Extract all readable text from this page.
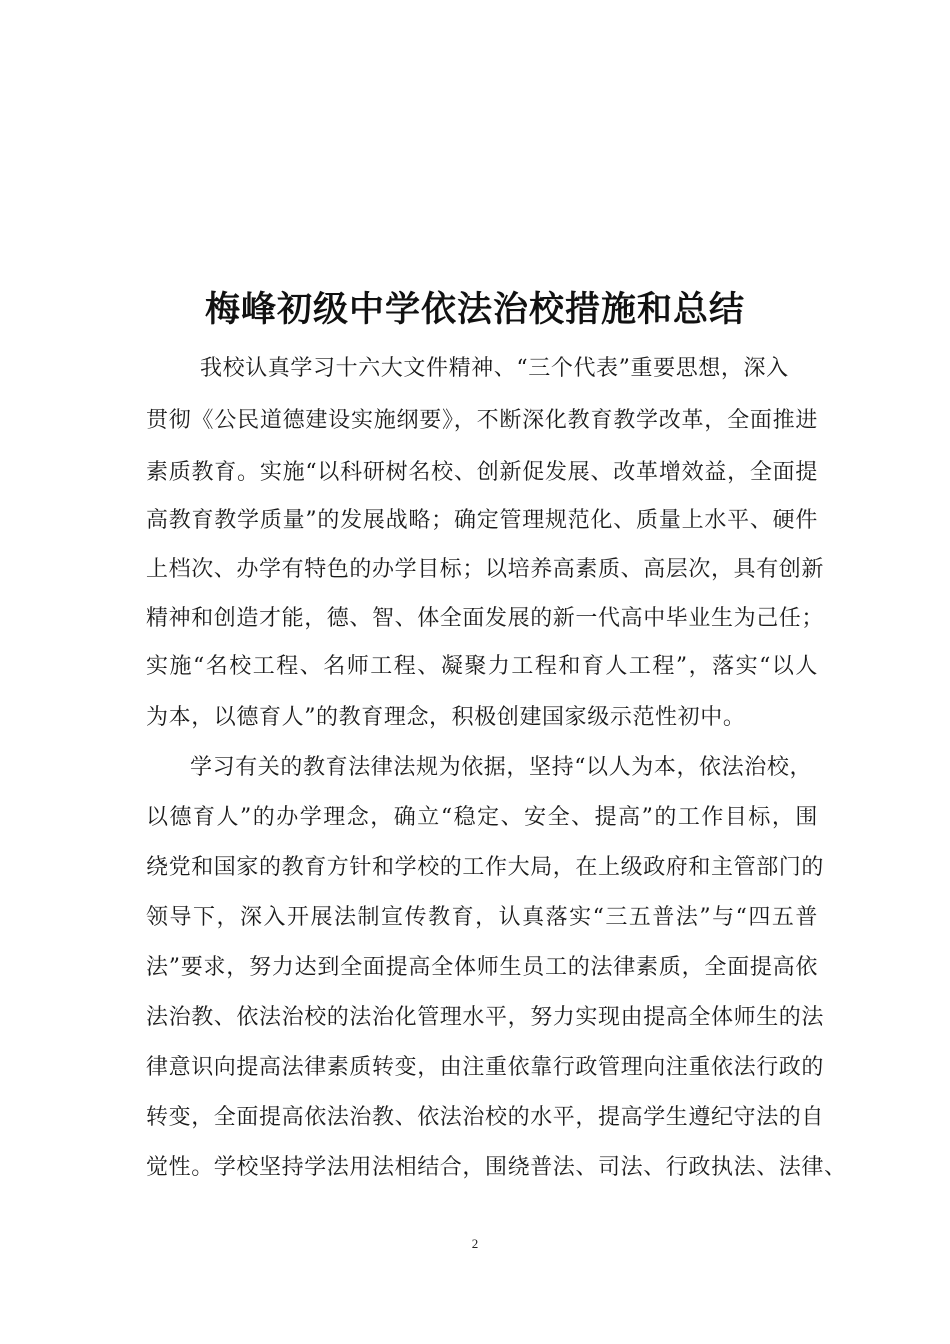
梅峰初级中学依法治校措施和总结
我校认真学习十六大文件精神、“三个代表”重要思想，深入
贯彻《公民道德建设实施纲要》，不断深化教育教学改革，全面推进
素质教育。实施“以科研树名校、创新促发展、改革增效益，全面提
高教育教学质量”的发展战略；确定管理规范化、质量上水平、硬件
上档次、办学有特色的办学目标；以培养高素质、高层次，具有创新
精神和创造才能，德、智、体全面发展的新一代高中毕业生为己任；
实施“名校工程、名师工程、凝聚力工程和育人工程”，落实“以人
为本，以德育人”的教育理念，积极创建国家级示范性初中。
学习有关的教育法律法规为依据，坚持“以人为本，依法治校，
以德育人”的办学理念，确立“稳定、安全、提高”的工作目标，围
绕党和国家的教育方针和学校的工作大局，在上级政府和主管部门的
领导下，深入开展法制宣传教育，认真落实“三五普法”与“四五普
法”要求，努力达到全面提高全体师生员工的法律素质，全面提高依
法治教、依法治校的法治化管理水平，努力实现由提高全体师生的法
律意识向提高法律素质转变，由注重依靠行政管理向注重依法行政的
转变，全面提高依法治教、依法治校的水平，提高学生遵纪守法的自
觉性。学校坚持学法用法相结合，围绕普法、司法、行政执法、法律、
2
